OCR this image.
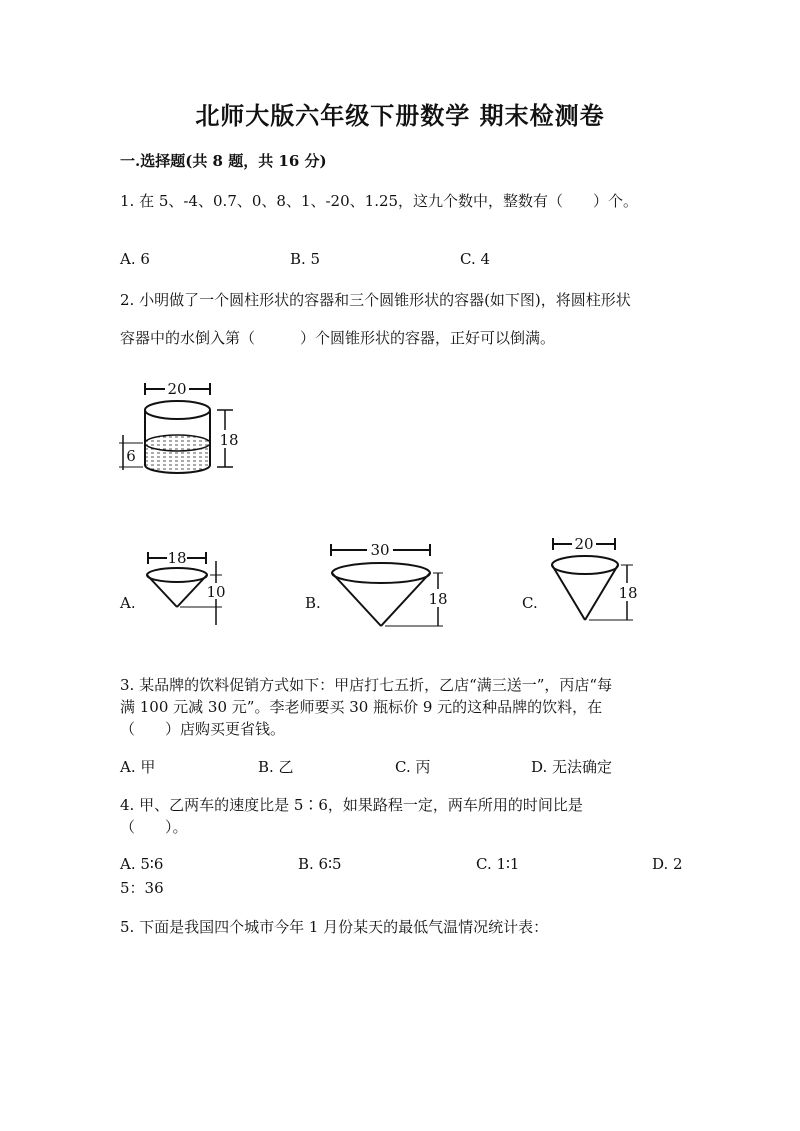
北师大版六年级下册数学 期末检测卷
一.选择题(共 8 题，共 16 分)
1. 在 5、-4、0.7、0、8、1、-20、1.25，这九个数中，整数有（　　）个。
A. 6	B. 5	C. 4
2. 小明做了一个圆柱形状的容器和三个圆锥形状的容器(如下图)，将圆柱形状
容器中的水倒入第（　　　）个圆锥形状的容器，正好可以倒满。
20
18
6
A.
18
10
B.
30
18	C.
20
18
3. 某品牌的饮料促销方式如下：甲店打七五折，乙店“满三送一”，丙店“每
满 100 元减 30 元”。李老师要买 30 瓶标价 9 元的这种品牌的饮料，在
（　　）店购买更省钱。
A. 甲	B. 乙	C. 丙	D. 无法确定
4. 甲、乙两车的速度比是 5∶6，如果路程一定，两车所用的时间比是
（　　）。
A. 5∶6	B. 6∶5	C. 1∶1	D. 2
5：36
5. 下面是我国四个城市今年 1 月份某天的最低气温情况统计表：
